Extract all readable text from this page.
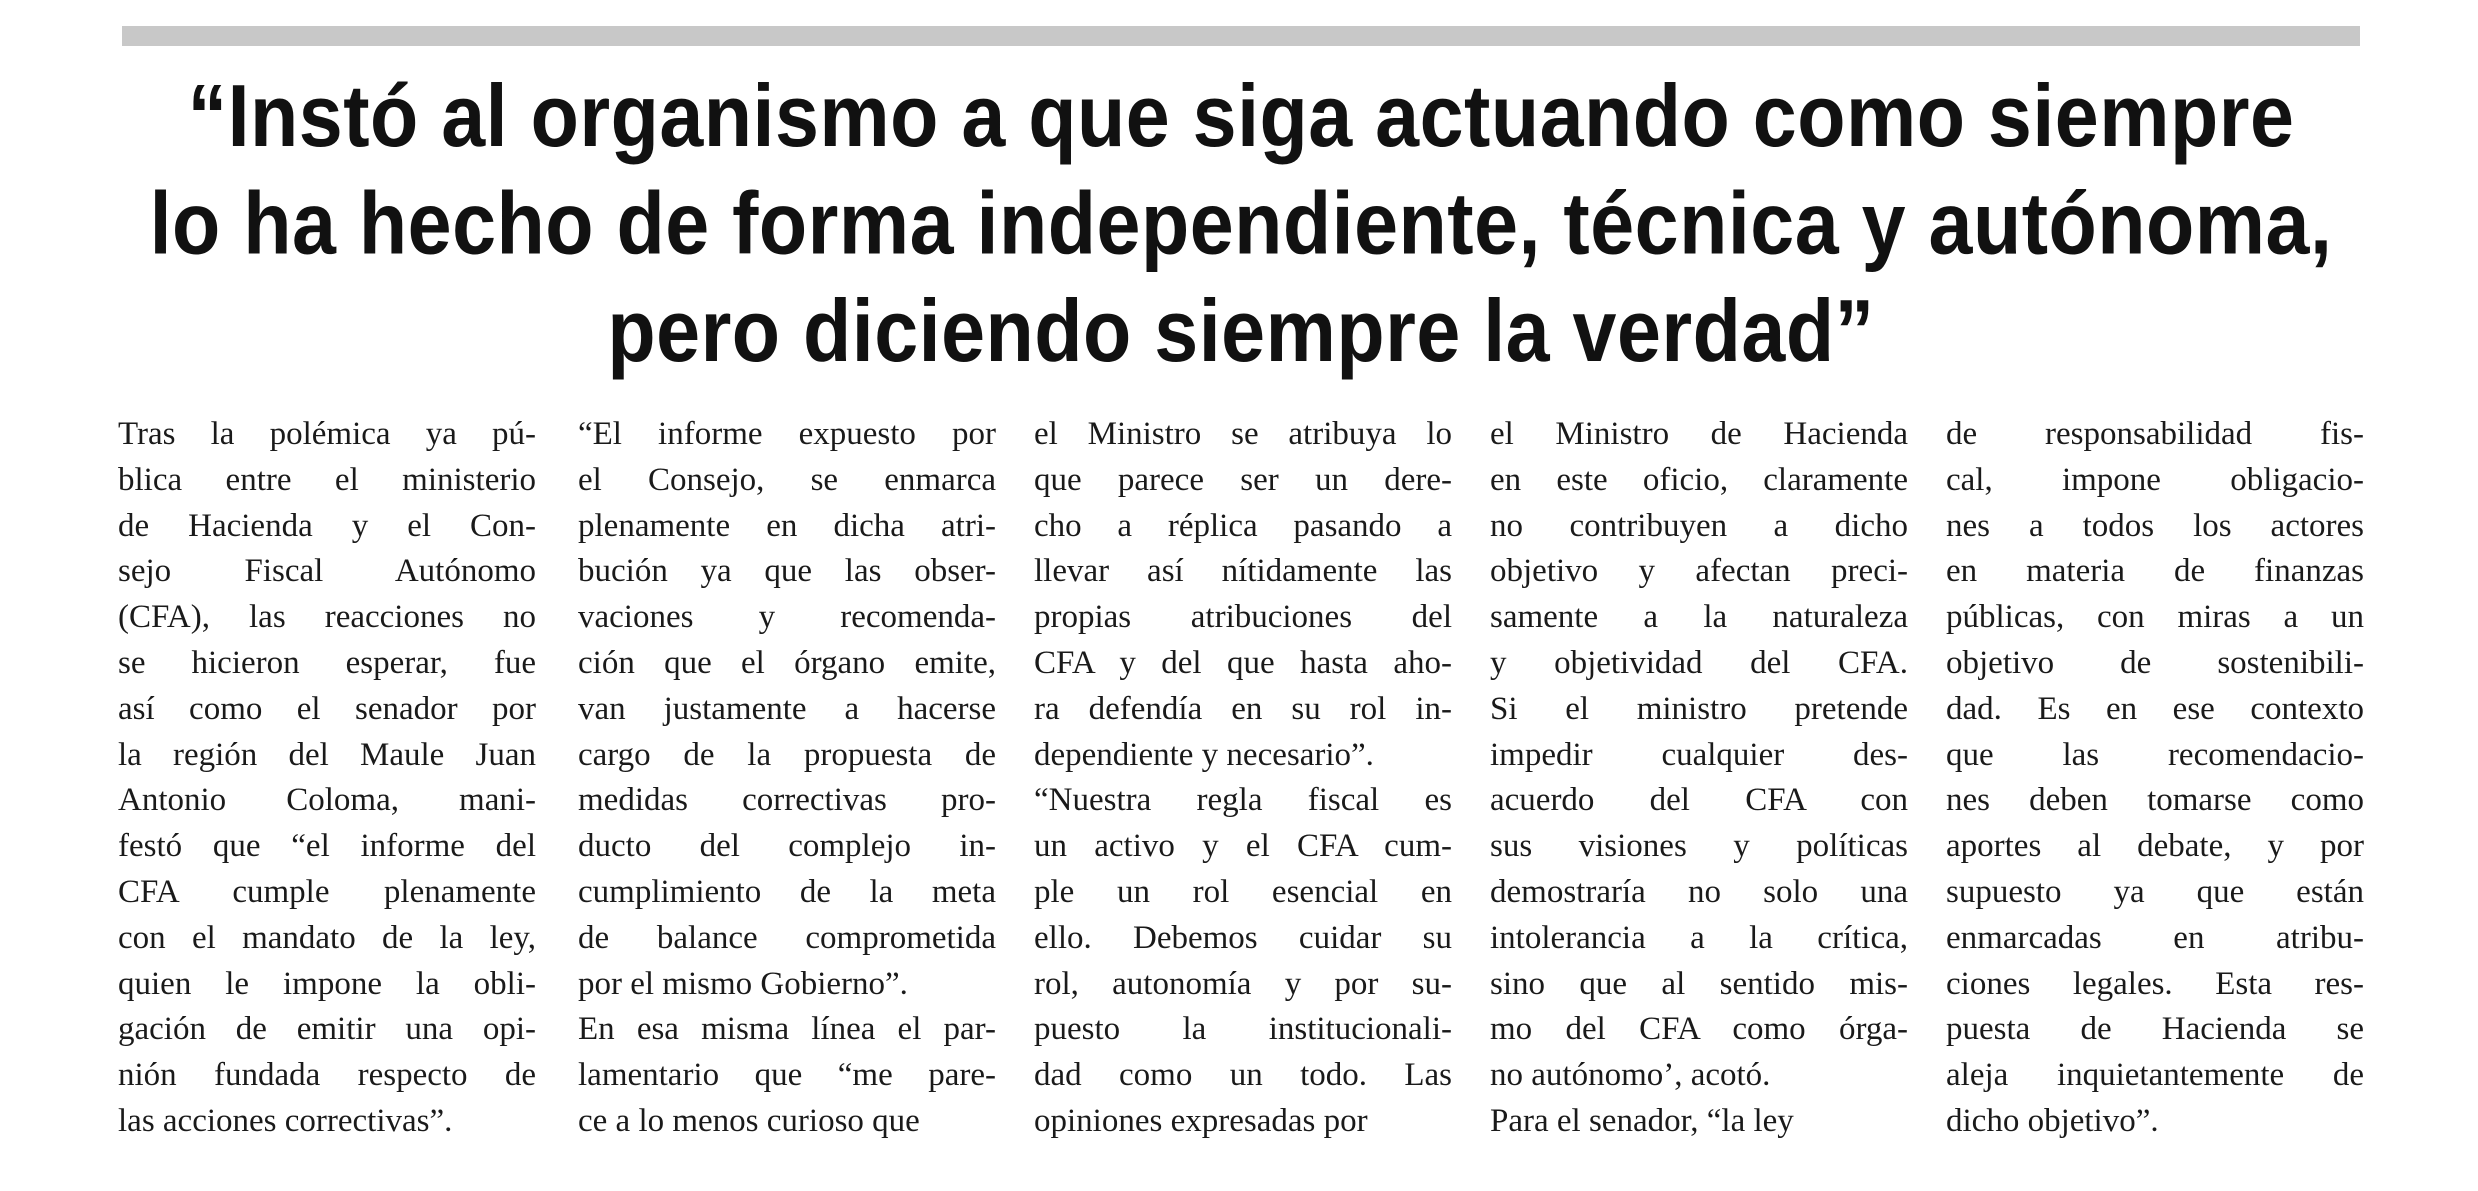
“Instó al organismo a que siga actuando como siempre
lo ha hecho de forma independiente, técnica y autónoma,
pero diciendo siempre la verdad”
Tras la polémica ya pú-
blica entre el ministerio
de Hacienda y el Con-
sejo Fiscal Autónomo
(CFA), las reacciones no
se hicieron esperar, fue
así como el senador por
la región del Maule Juan
Antonio Coloma, mani-
festó que “el informe del
CFA cumple plenamente
con el mandato de la ley,
quien le impone la obli-
gación de emitir una opi-
nión fundada respecto de
las acciones correctivas”.
“El informe expuesto por
el Consejo, se enmarca
plenamente en dicha atri-
bución ya que las obser-
vaciones y recomenda-
ción que el órgano emite,
van justamente a hacerse
cargo de la propuesta de
medidas correctivas pro-
ducto del complejo in-
cumplimiento de la meta
de balance comprometida
por el mismo Gobierno”.
En esa misma línea el par-
lamentario que “me pare-
ce a lo menos curioso que
el Ministro se atribuya lo
que parece ser un dere-
cho a réplica pasando a
llevar así nítidamente las
propias atribuciones del
CFA y del que hasta aho-
ra defendía en su rol in-
dependiente y necesario”.
“Nuestra regla fiscal es
un activo y el CFA cum-
ple un rol esencial en
ello. Debemos cuidar su
rol, autonomía y por su-
puesto la institucionali-
dad como un todo. Las
opiniones expresadas por
el Ministro de Hacienda
en este oficio, claramente
no contribuyen a dicho
objetivo y afectan preci-
samente a la naturaleza
y objetividad del CFA.
Si el ministro pretende
impedir cualquier des-
acuerdo del CFA con
sus visiones y políticas
demostraría no solo una
intolerancia a la crítica,
sino que al sentido mis-
mo del CFA como órga-
no autónomo’, acotó.
Para el senador, “la ley
de responsabilidad fis-
cal, impone obligacio-
nes a todos los actores
en materia de finanzas
públicas, con miras a un
objetivo de sostenibili-
dad. Es en ese contexto
que las recomendacio-
nes deben tomarse como
aportes al debate, y por
supuesto ya que están
enmarcadas en atribu-
ciones legales. Esta res-
puesta de Hacienda se
aleja inquietantemente de
dicho objetivo”.
